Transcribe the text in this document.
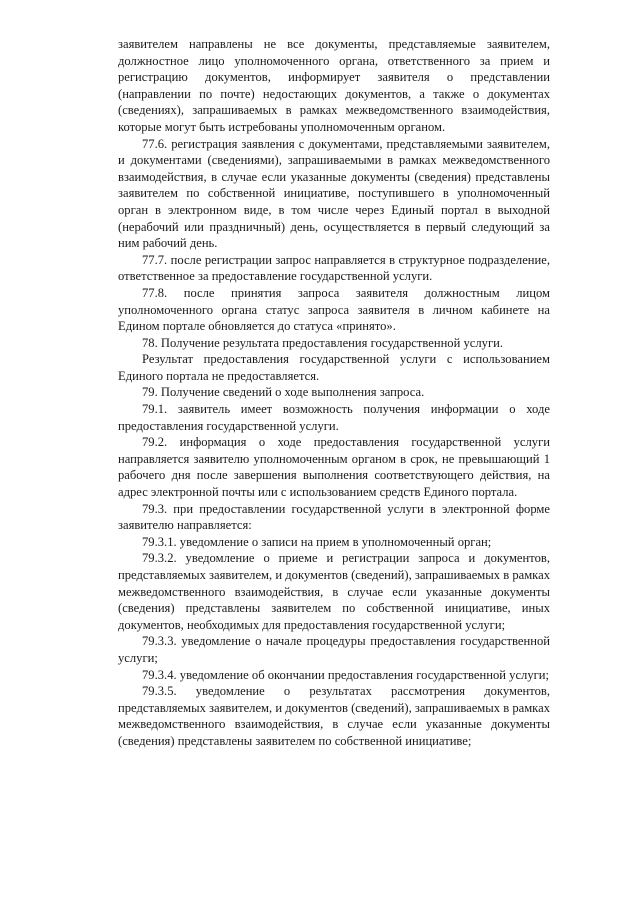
заявителем направлены не все документы, представляемые заявителем, должностное лицо уполномоченного органа, ответственного за прием и регистрацию документов, информирует заявителя о представлении (направлении по почте) недостающих документов, а также о документах (сведениях), запрашиваемых в рамках межведомственного взаимодействия, которые могут быть истребованы уполномоченным органом.

77.6. регистрация заявления с документами, представляемыми заявителем, и документами (сведениями), запрашиваемыми в рамках межведомственного взаимодействия, в случае если указанные документы (сведения) представлены заявителем по собственной инициативе, поступившего в уполномоченный орган в электронном виде, в том числе через Единый портал в выходной (нерабочий или праздничный) день, осуществляется в первый следующий за ним рабочий день.

77.7. после регистрации запрос направляется в структурное подразделение, ответственное за предоставление государственной услуги.

77.8. после принятия запроса заявителя должностным лицом уполномоченного органа статус запроса заявителя в личном кабинете на Едином портале обновляется до статуса «принято».

78. Получение результата предоставления государственной услуги.

Результат предоставления государственной услуги с использованием Единого портала не предоставляется.

79. Получение сведений о ходе выполнения запроса.

79.1. заявитель имеет возможность получения информации о ходе предоставления государственной услуги.

79.2. информация о ходе предоставления государственной услуги направляется заявителю уполномоченным органом в срок, не превышающий 1 рабочего дня после завершения выполнения соответствующего действия, на адрес электронной почты или с использованием средств Единого портала.

79.3. при предоставлении государственной услуги в электронной форме заявителю направляется:

79.3.1. уведомление о записи на прием в уполномоченный орган;

79.3.2. уведомление о приеме и регистрации запроса и документов, представляемых заявителем, и документов (сведений), запрашиваемых в рамках межведомственного взаимодействия, в случае если указанные документы (сведения) представлены заявителем по собственной инициативе, иных документов, необходимых для предоставления государственной услуги;

79.3.3. уведомление о начале процедуры предоставления государственной услуги;

79.3.4. уведомление об окончании предоставления государственной услуги;

79.3.5. уведомление о результатах рассмотрения документов, представляемых заявителем, и документов (сведений), запрашиваемых в рамках межведомственного взаимодействия, в случае если указанные документы (сведения) представлены заявителем по собственной инициативе;
